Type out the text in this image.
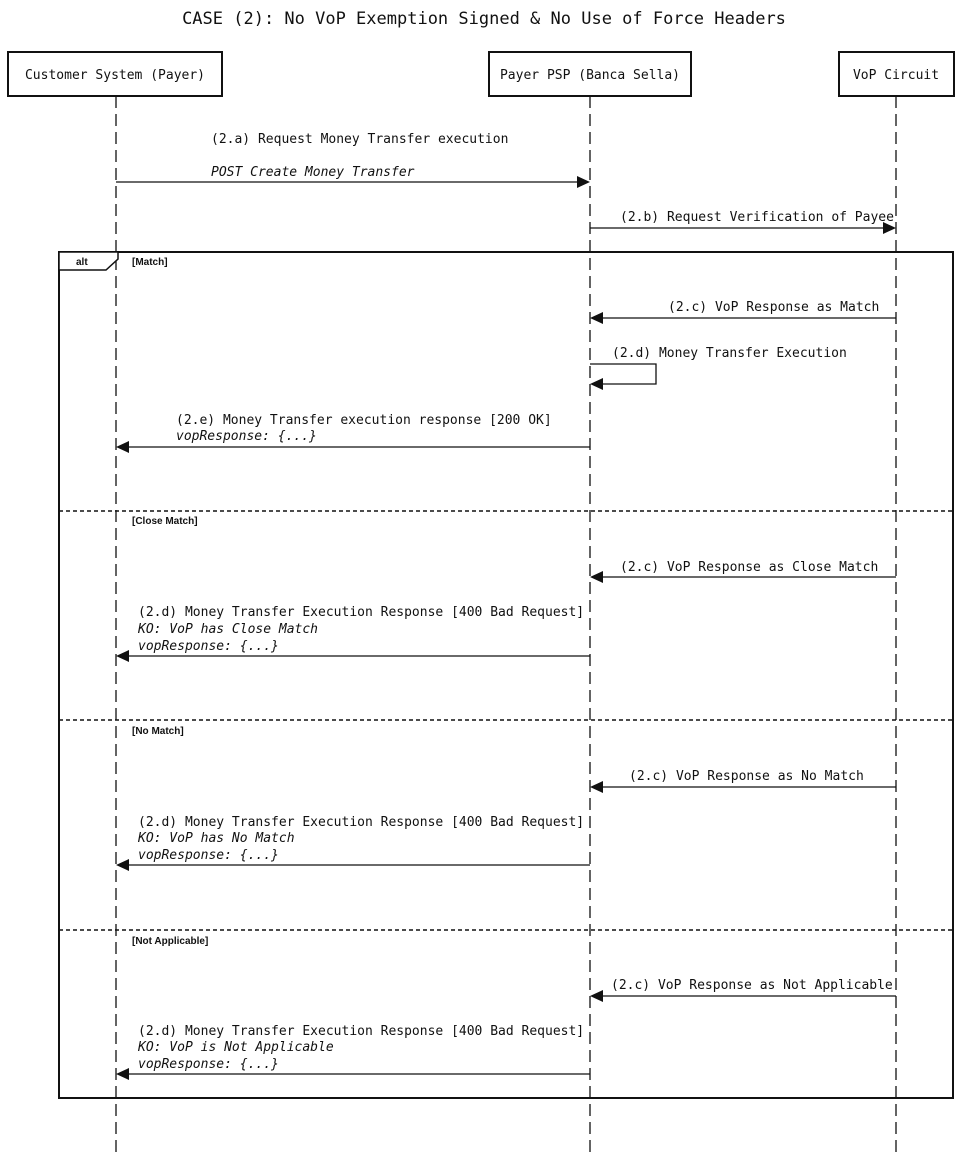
CASE (2): No VoP Exemption Signed & No Use of Force Headers
Customer System (Payer)	Payer PSP (Banca Sella)	VoP Circuit
(2.a) Request Money Transfer execution
POST Create Money Transfer
(2.b) Request Verification of Payee
alt	[Match]
(2.c) VoP Response as Match
(2.d) Money Transfer Execution
(2.e) Money Transfer execution response [200 OK]
vopResponse: {...}
[Close Match]
(2.c) VoP Response as Close Match
(2.d) Money Transfer Execution Response [400 Bad Request]
KO: VoP has Close Match
vopResponse: {...}
[No Match]
(2.c) VoP Response as No Match
(2.d) Money Transfer Execution Response [400 Bad Request]
KO: VoP has No Match
vopResponse: {...}
[Not Applicable]
(2.c) VoP Response as Not Applicable
(2.d) Money Transfer Execution Response [400 Bad Request]
KO: VoP is Not Applicable
vopResponse: {...}
